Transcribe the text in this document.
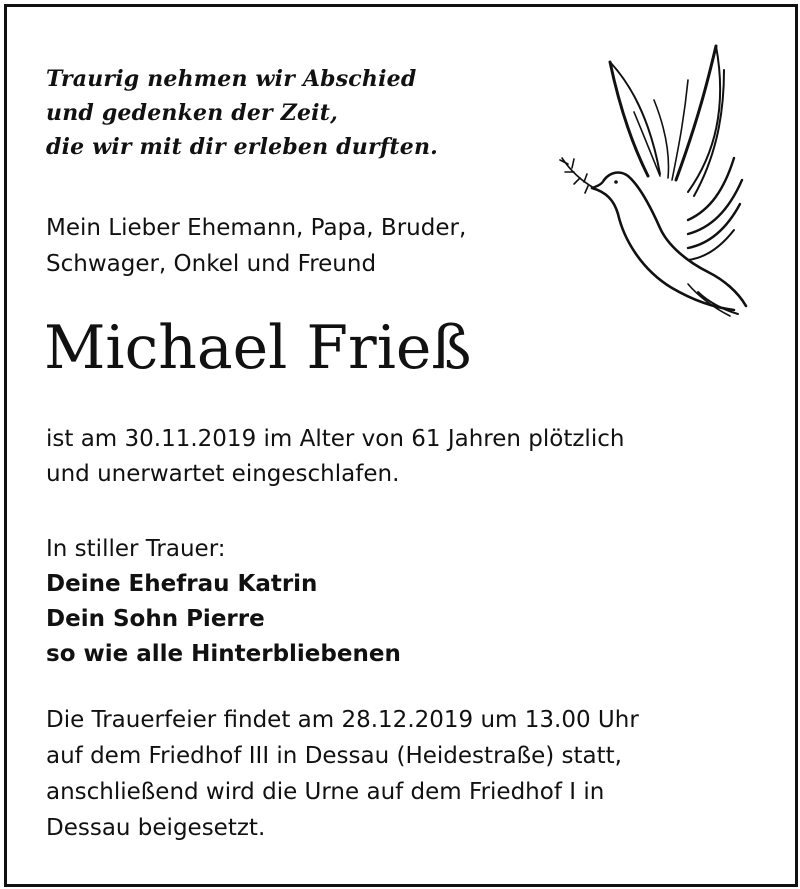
Traurig nehmen wir Abschied
und gedenken der Zeit,
die wir mit dir erleben durften.
Mein Lieber Ehemann, Papa, Bruder,
Schwager, Onkel und Freund
Michael Frieß
ist am 30.11.2019 im Alter von 61 Jahren plötzlich
und unerwartet eingeschlafen.
In stiller Trauer:
Deine Ehefrau Katrin
Dein Sohn Pierre
so wie alle Hinterbliebenen
Die Trauerfeier findet am 28.12.2019 um 13.00 Uhr
auf dem Friedhof III in Dessau (Heidestraße) statt,
anschließend wird die Urne auf dem Friedhof I in
Dessau beigesetzt.
